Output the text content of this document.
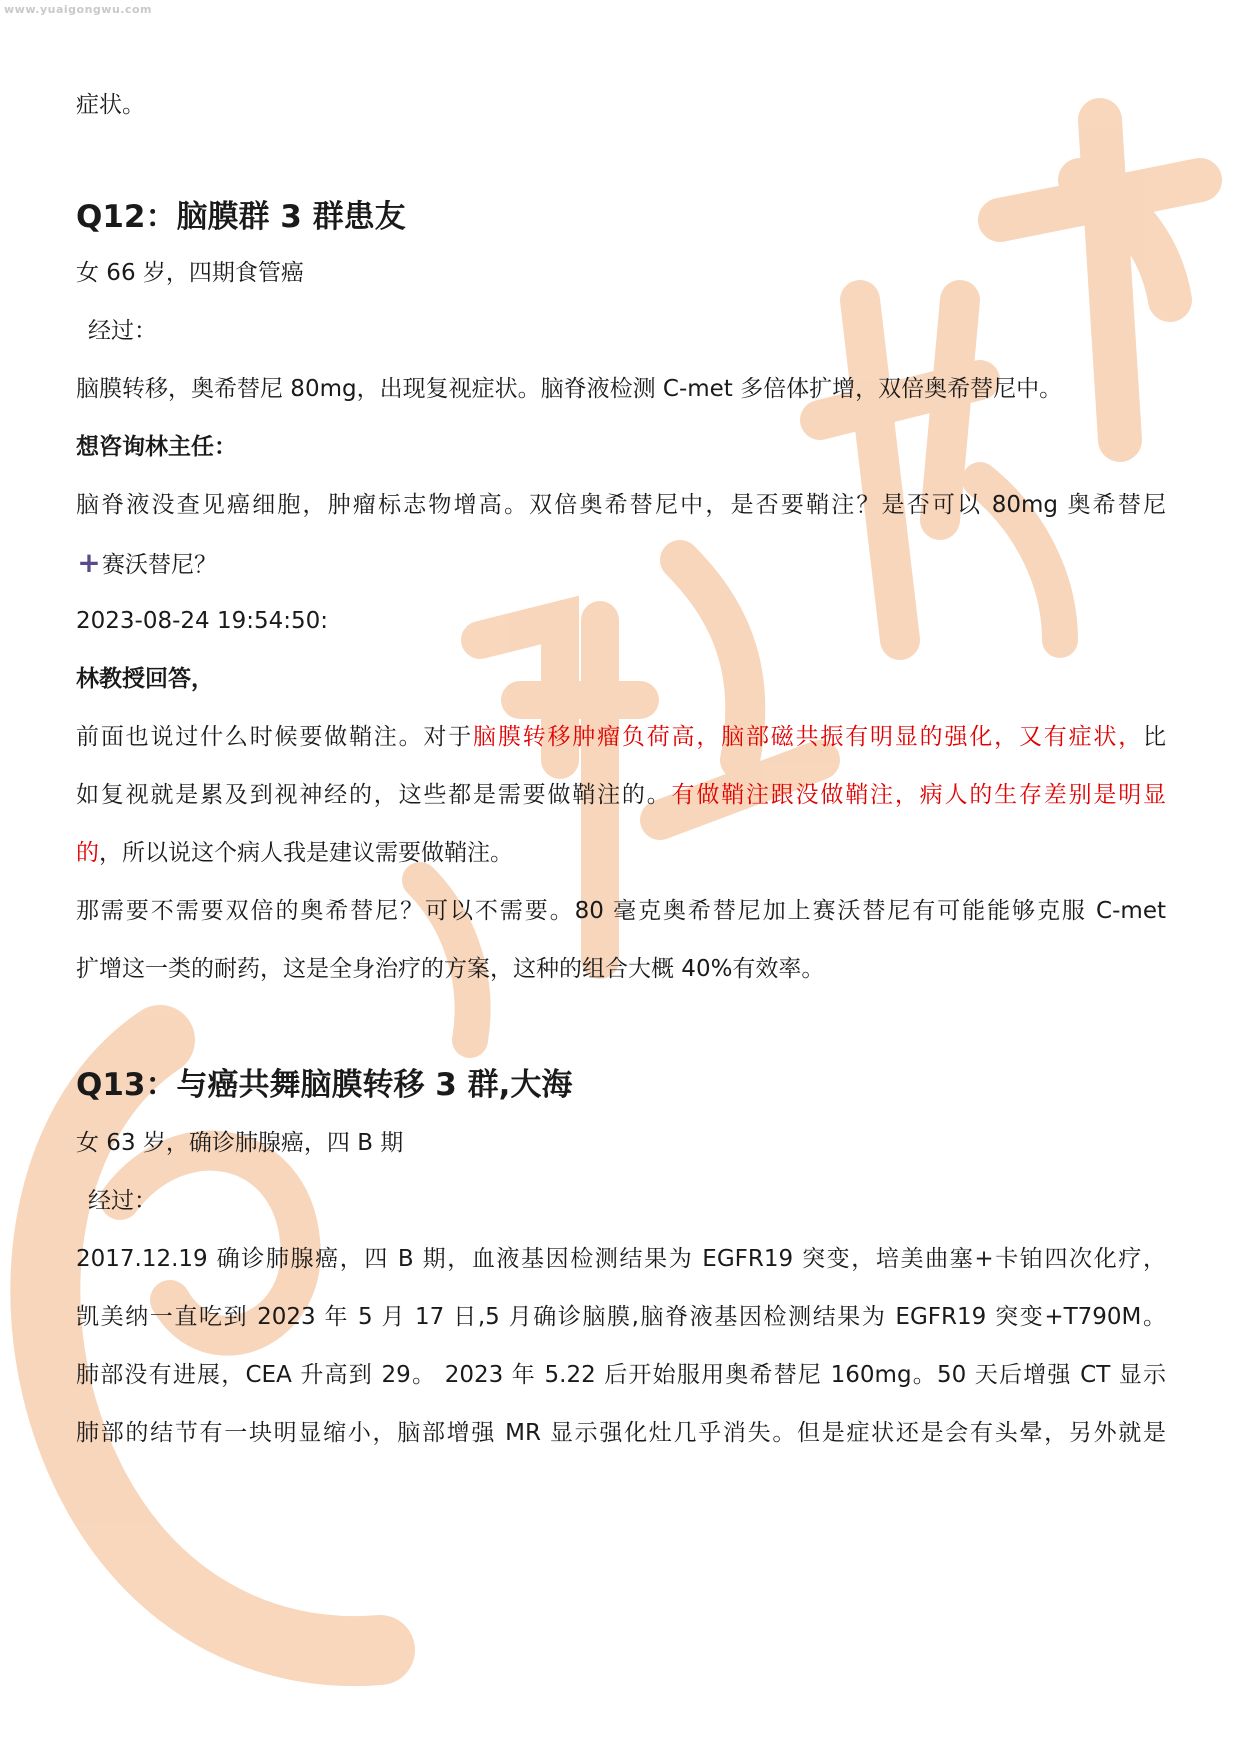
www.yuaigongwu.com
症状。
Q12：脑膜群 3 群患友
女 66 岁，四期食管癌
经过：
脑膜转移，奥希替尼 80mg，出现复视症状。脑脊液检测 C-met 多倍体扩增，双倍奥希替尼中。
想咨询林主任：
脑脊液没查见癌细胞，肿瘤标志物增高。双倍奥希替尼中，是否要鞘注？是否可以 80mg 奥希替尼
+赛沃替尼？
2023-08-24 19:54:50:
林教授回答，
前面也说过什么时候要做鞘注。对于脑膜转移肿瘤负荷高，脑部磁共振有明显的强化，又有症状，比
如复视就是累及到视神经的，这些都是需要做鞘注的。有做鞘注跟没做鞘注，病人的生存差别是明显
的，所以说这个病人我是建议需要做鞘注。
那需要不需要双倍的奥希替尼？可以不需要。80 毫克奥希替尼加上赛沃替尼有可能能够克服 C-met
扩增这一类的耐药，这是全身治疗的方案，这种的组合大概 40%有效率。
Q13：与癌共舞脑膜转移 3 群,大海
女 63 岁，确诊肺腺癌，四 B 期
经过：
2017.12.19 确诊肺腺癌，四 B 期，血液基因检测结果为 EGFR19 突变，培美曲塞+卡铂四次化疗，
凯美纳一直吃到 2023 年 5 月 17 日,5 月确诊脑膜,脑脊液基因检测结果为 EGFR19 突变+T790M。
肺部没有进展，CEA 升高到 29。 2023 年 5.22 后开始服用奥希替尼 160mg。50 天后增强 CT 显示
肺部的结节有一块明显缩小，脑部增强 MR 显示强化灶几乎消失。但是症状还是会有头晕，另外就是
